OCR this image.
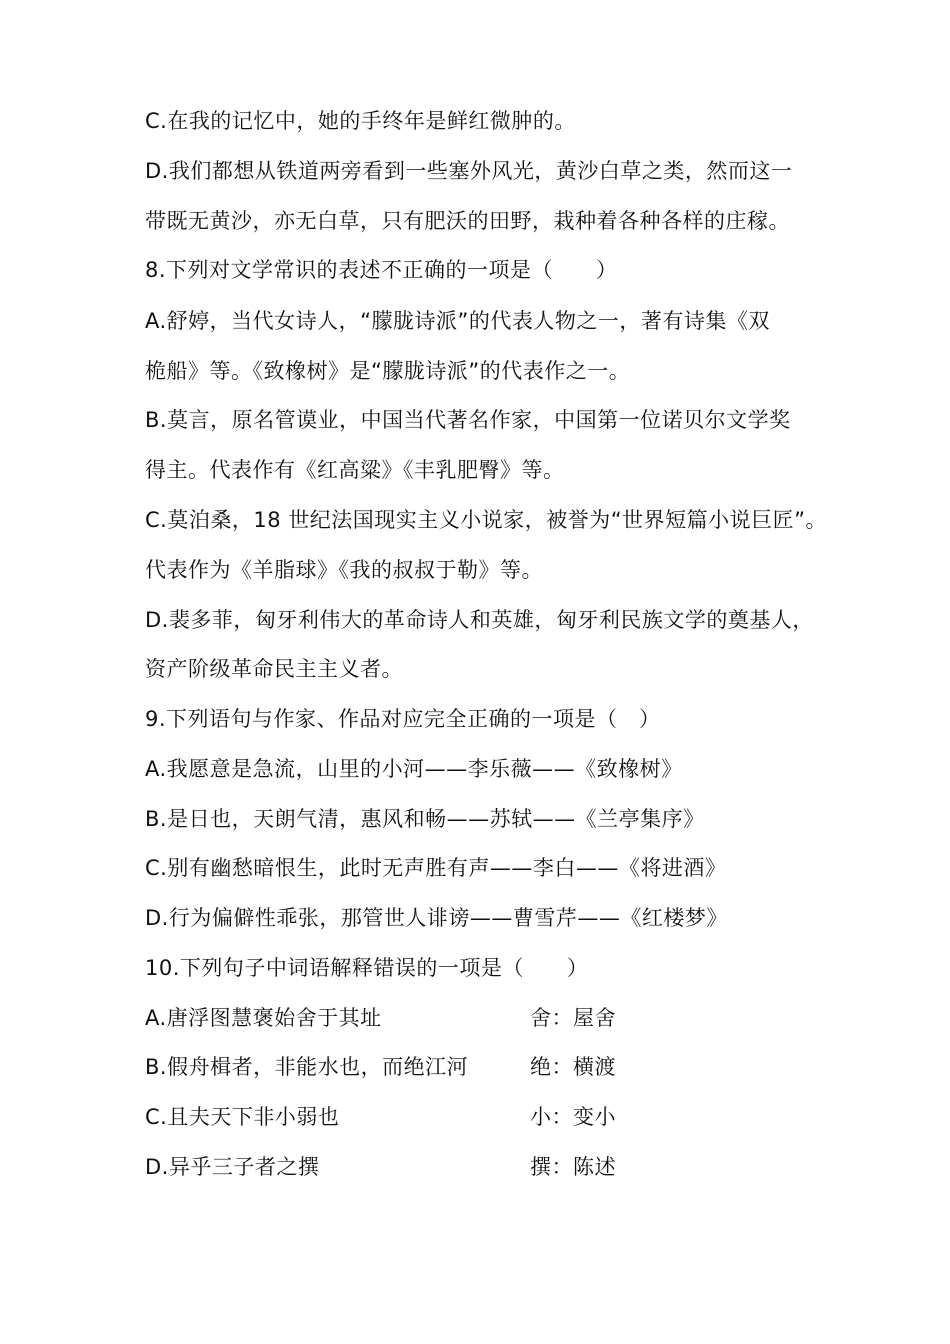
C.在我的记忆中，她的手终年是鲜红微肿的。
D.我们都想从铁道两旁看到一些塞外风光，黄沙白草之类，然而这一
带既无黄沙，亦无白草，只有肥沃的田野，栽种着各种各样的庄稼。
8.下列对文学常识的表述不正确的一项是（　　）
A.舒婷，当代女诗人，“朦胧诗派”的代表人物之一，著有诗集《双
桅船》等。《致橡树》是“朦胧诗派”的代表作之一。
B.莫言，原名管谟业，中国当代著名作家，中国第一位诺贝尔文学奖
得主。代表作有《红高粱》《丰乳肥臀》等。
C.莫泊桑，18 世纪法国现实主义小说家，被誉为“世界短篇小说巨匠”。
代表作为《羊脂球》《我的叔叔于勒》等。
D.裴多菲，匈牙利伟大的革命诗人和英雄，匈牙利民族文学的奠基人，
资产阶级革命民主主义者。
9.下列语句与作家、作品对应完全正确的一项是（　）
A.我愿意是急流，山里的小河——李乐薇——《致橡树》
B.是日也，天朗气清，惠风和畅——苏轼——《兰亭集序》
C.别有幽愁暗恨生，此时无声胜有声——李白——《将进酒》
D.行为偏僻性乖张，那管世人诽谤——曹雪芹——《红楼梦》
10.下列句子中词语解释错误的一项是（　　）
A.唐浮图慧褒始舍于其址	舍：屋舍
B.假舟楫者，非能水也，而绝江河	绝：横渡
C.且夫天下非小弱也	小：变小
D.异乎三子者之撰	撰：陈述
